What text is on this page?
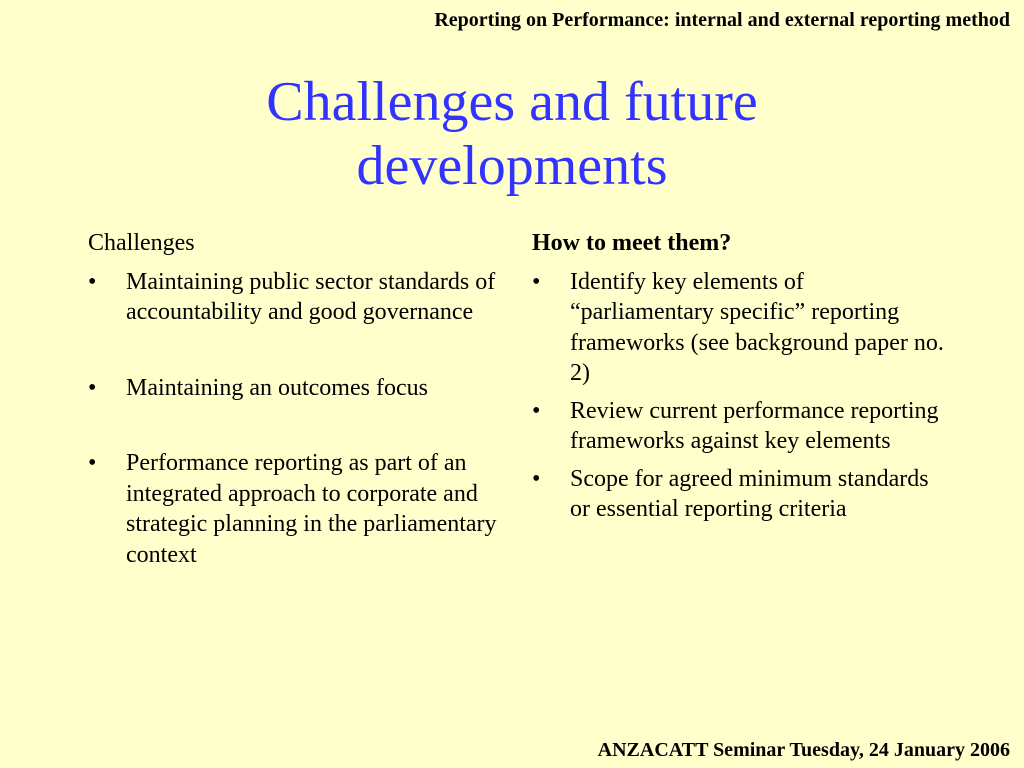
Reporting on Performance: internal and external reporting method
Challenges and future
developments
Challenges
• Maintaining public sector standards of accountability and good governance
• Maintaining an outcomes focus
• Performance reporting as part of an integrated approach to corporate and strategic planning in the parliamentary context
How to meet them?
• Identify key elements of “parliamentary specific” reporting frameworks (see background paper no. 2)
• Review current performance reporting frameworks against key elements
• Scope for agreed minimum standards or essential reporting criteria
ANZACATT Seminar Tuesday, 24 January 2006
